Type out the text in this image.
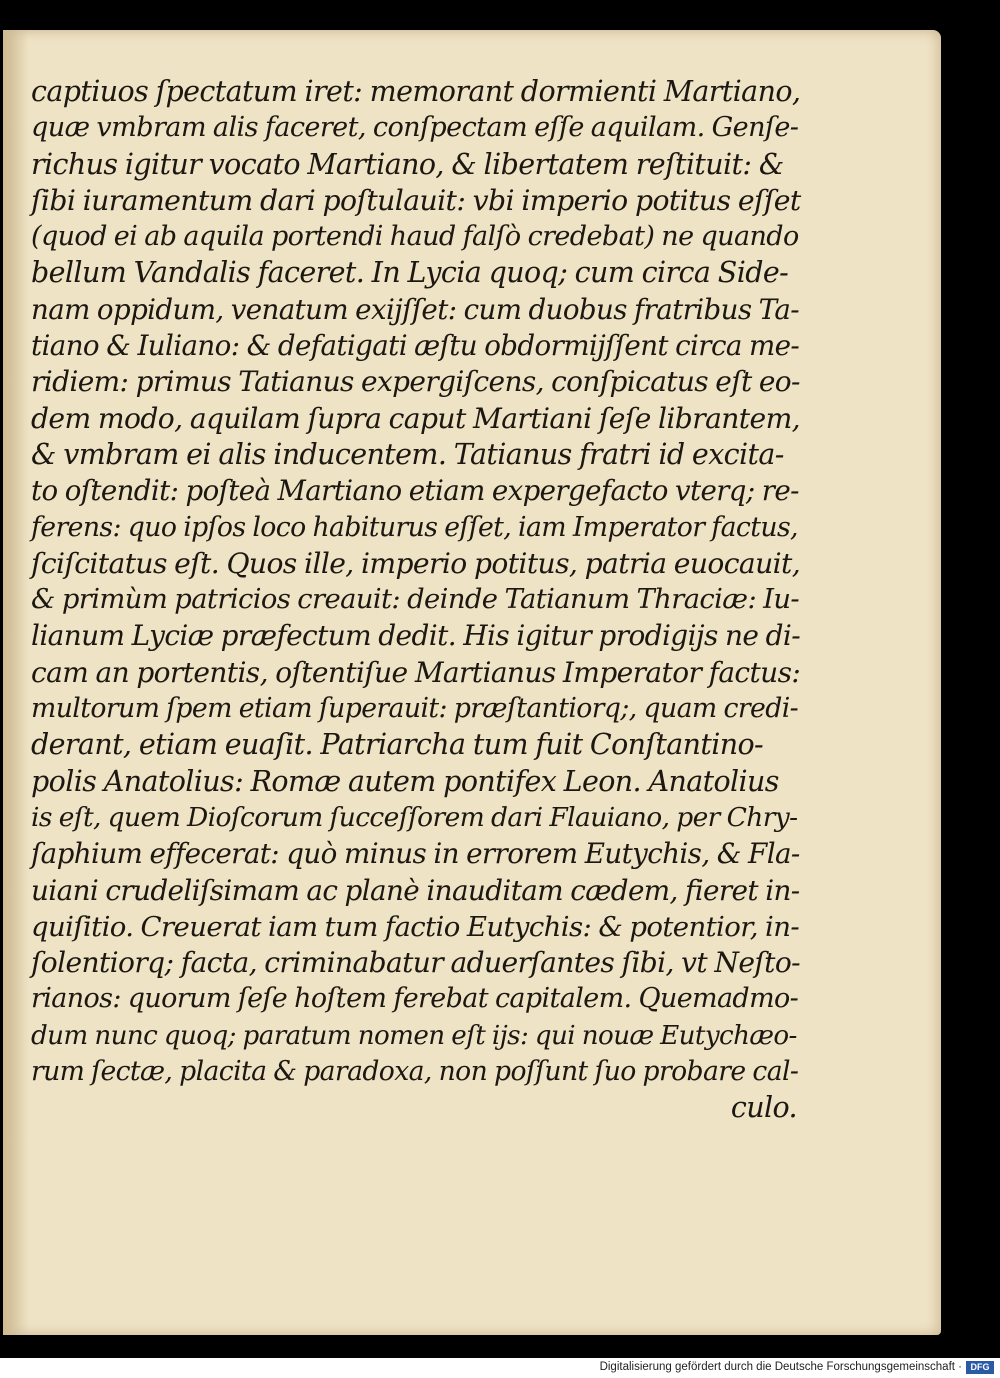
captiuos ſpectatum iret: memorant dormienti Martiano,
quæ vmbram alis faceret, conſpectam eſſe aquilam. Genſe-
richus igitur vocato Martiano, & libertatem reſtituit: &
ſibi iuramentum dari poſtulauit: vbi imperio potitus eſſet
(quod ei ab aquila portendi haud falſò credebat) ne quando
bellum Vandalis faceret. In Lycia quoq; cum circa Side-
nam oppidum, venatum exijſſet: cum duobus fratribus Ta-
tiano & Iuliano: & defatigati æſtu obdormijſſent circa me-
ridiem: primus Tatianus expergiſcens, conſpicatus eſt eo-
dem modo, aquilam ſupra caput Martiani ſeſe librantem,
& vmbram ei alis inducentem. Tatianus fratri id excita-
to oſtendit: poſteà Martiano etiam expergefacto vterq; re-
ferens: quo ipſos loco habiturus eſſet, iam Imperator factus,
ſciſcitatus eſt. Quos ille, imperio potitus, patria euocauit,
& primùm patricios creauit: deinde Tatianum Thraciæ: Iu-
lianum Lyciæ præfectum dedit. His igitur prodigijs ne di-
cam an portentis, oſtentiſue Martianus Imperator factus:
multorum ſpem etiam ſuperauit: præſtantiorq;, quam credi-
derant, etiam euaſit. Patriarcha tum fuit Conſtantino-
polis Anatolius: Romæ autem pontifex Leon. Anatolius
is eſt, quem Dioſcorum ſucceſſorem dari Flauiano, per Chry-
ſaphium effecerat: quò minus in errorem Eutychis, & Fla-
uiani crudeliſsimam ac planè inauditam cædem, fieret in-
quiſitio. Creuerat iam tum factio Eutychis: & potentior, in-
ſolentiorq; facta, criminabatur aduerſantes ſibi, vt Neſto-
rianos: quorum ſeſe hoſtem ferebat capitalem. Quemadmo-
dum nunc quoq; paratum nomen eſt ijs: qui nouæ Eutychæo-
rum ſectæ, placita & paradoxa, non poſſunt ſuo probare cal-
culo.
Digitalisierung gefördert durch die Deutsche Forschungsgemeinschaft · DFG
